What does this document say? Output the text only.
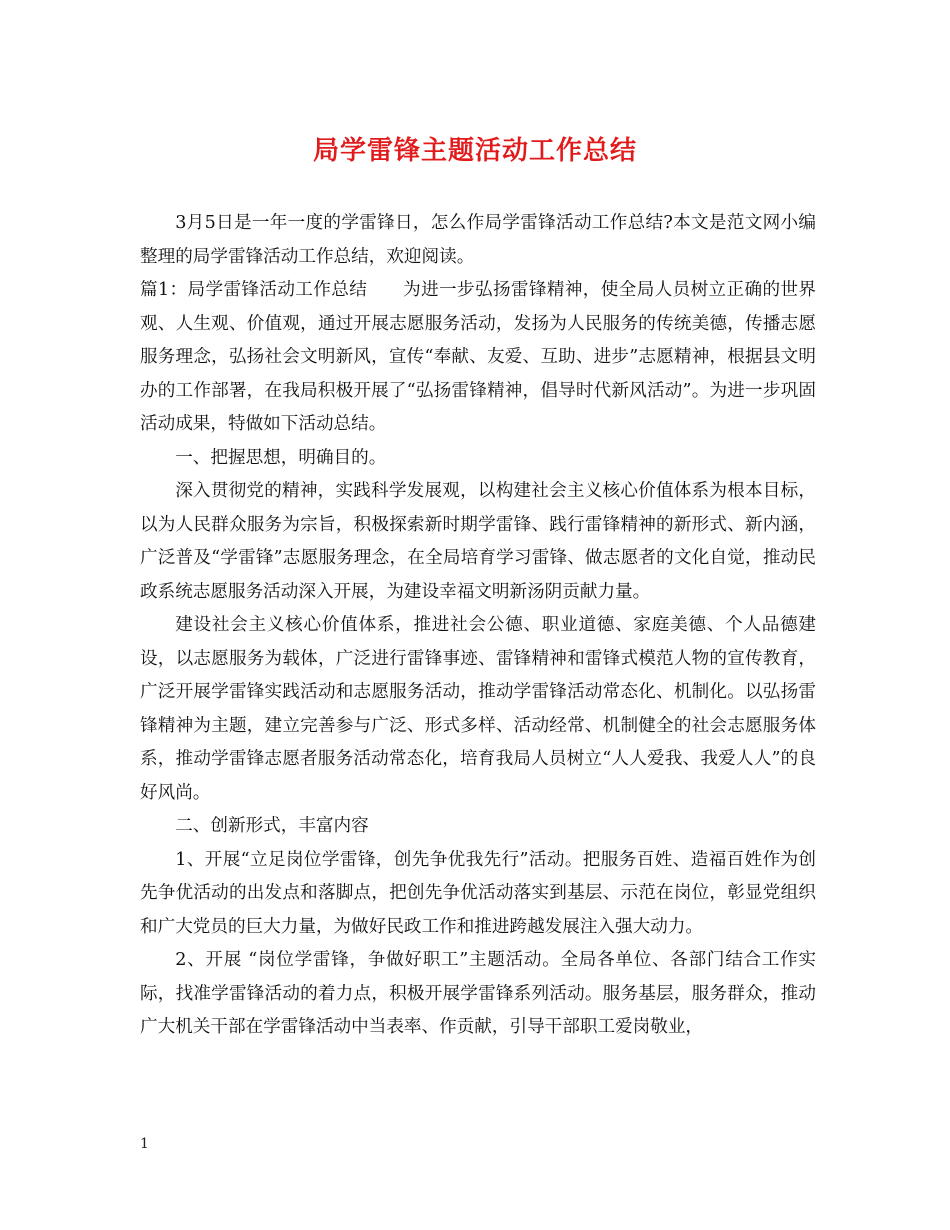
局学雷锋主题活动工作总结

3月5日是一年一度的学雷锋日，怎么作局学雷锋活动工作总结?本文是范文网小编整理的局学雷锋活动工作总结，欢迎阅读。

篇1：局学雷锋活动工作总结　　为进一步弘扬雷锋精神，使全局人员树立正确的世界观、人生观、价值观，通过开展志愿服务活动，发扬为人民服务的传统美德，传播志愿服务理念，弘扬社会文明新风，宣传“奉献、友爱、互助、进步”志愿精神，根据县文明办的工作部署，在我局积极开展了“弘扬雷锋精神，倡导时代新风活动”。为进一步巩固活动成果，特做如下活动总结。

一、把握思想，明确目的。

深入贯彻党的精神，实践科学发展观，以构建社会主义核心价值体系为根本目标，以为人民群众服务为宗旨，积极探索新时期学雷锋、践行雷锋精神的新形式、新内涵，广泛普及“学雷锋”志愿服务理念，在全局培育学习雷锋、做志愿者的文化自觉，推动民政系统志愿服务活动深入开展，为建设幸福文明新汤阴贡献力量。

建设社会主义核心价值体系，推进社会公德、职业道德、家庭美德、个人品德建设，以志愿服务为载体，广泛进行雷锋事迹、雷锋精神和雷锋式模范人物的宣传教育，广泛开展学雷锋实践活动和志愿服务活动，推动学雷锋活动常态化、机制化。以弘扬雷锋精神为主题，建立完善参与广泛、形式多样、活动经常、机制健全的社会志愿服务体系，推动学雷锋志愿者服务活动常态化，培育我局人员树立“人人爱我、我爱人人”的良好风尚。

二、创新形式，丰富内容

1、开展“立足岗位学雷锋，创先争优我先行”活动。把服务百姓、造福百姓作为创先争优活动的出发点和落脚点，把创先争优活动落实到基层、示范在岗位，彰显党组织和广大党员的巨大力量，为做好民政工作和推进跨越发展注入强大动力。

2、开展 “岗位学雷锋，争做好职工”主题活动。全局各单位、各部门结合工作实际，找准学雷锋活动的着力点，积极开展学雷锋系列活动。服务基层，服务群众，推动广大机关干部在学雷锋活动中当表率、作贡献，引导干部职工爱岗敬业，

1
